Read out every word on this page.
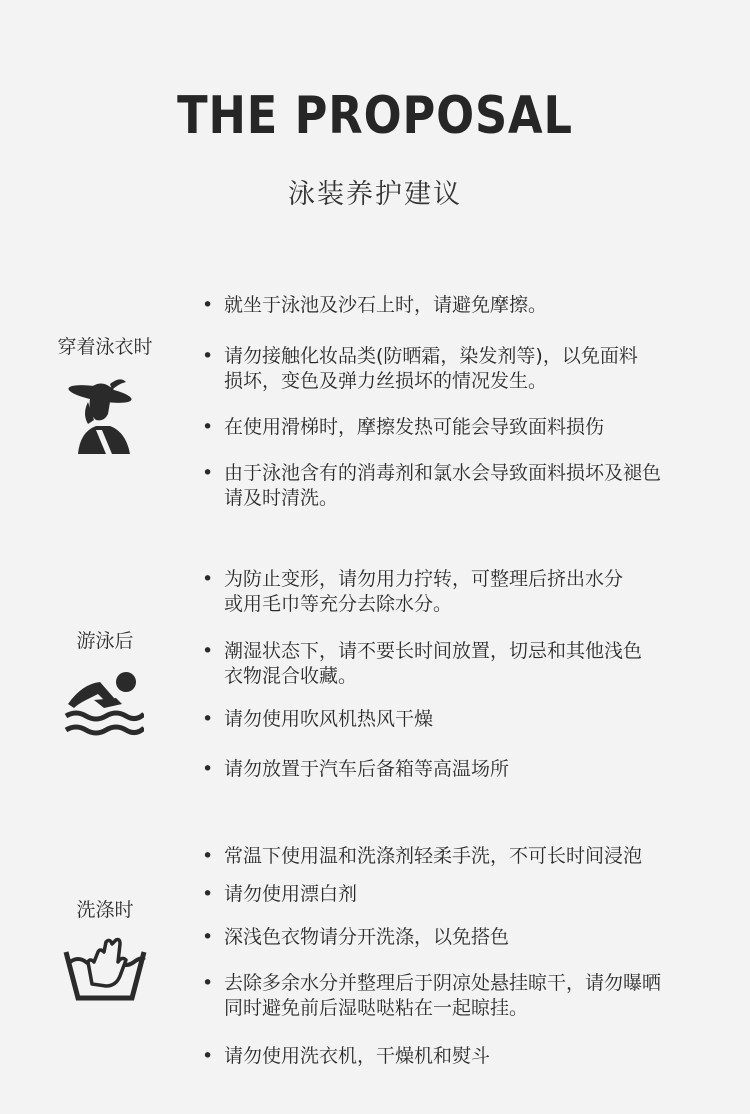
THE PROPOSAL
泳装养护建议
穿着泳衣时
• 就坐于泳池及沙石上时，请避免摩擦。
• 请勿接触化妆品类(防晒霜，染发剂等)，以免面料
损坏，变色及弹力丝损坏的情况发生。
• 在使用滑梯时，摩擦发热可能会导致面料损伤
• 由于泳池含有的消毒剂和氯水会导致面料损坏及褪色
请及时清洗。
游泳后
• 为防止变形，请勿用力拧转，可整理后挤出水分
或用毛巾等充分去除水分。
• 潮湿状态下，请不要长时间放置，切忌和其他浅色
衣物混合收藏。
• 请勿使用吹风机热风干燥
• 请勿放置于汽车后备箱等高温场所
洗涤时
• 常温下使用温和洗涤剂轻柔手洗，不可长时间浸泡
• 请勿使用漂白剂
• 深浅色衣物请分开洗涤，以免搭色
• 去除多余水分并整理后于阴凉处悬挂晾干，请勿曝晒
同时避免前后湿哒哒粘在一起晾挂。
• 请勿使用洗衣机，干燥机和熨斗
